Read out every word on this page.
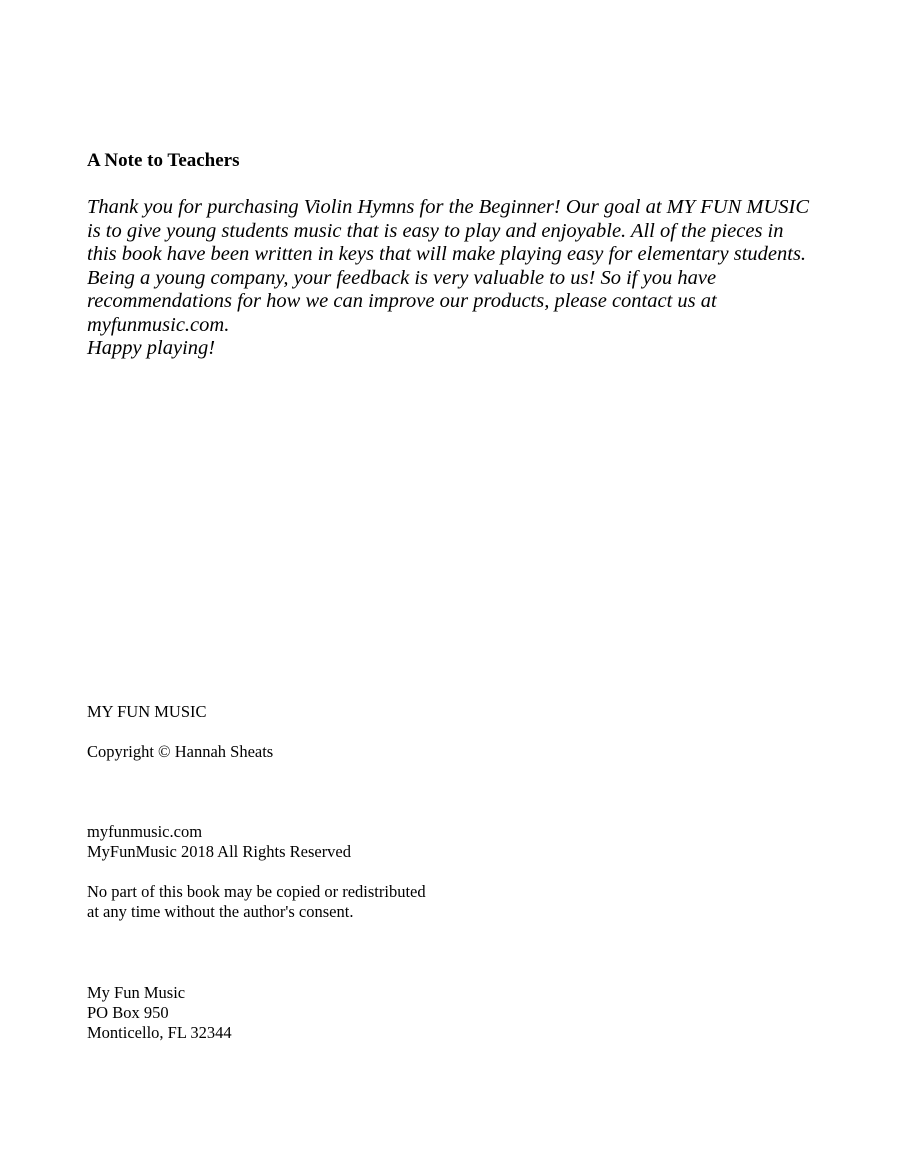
A Note to Teachers
Thank you for purchasing Violin Hymns for the Beginner! Our goal at MY FUN MUSIC
is to give young students music that is easy to play and enjoyable. All of the pieces in
this book have been written in keys that will make playing easy for elementary students.
Being a young company, your feedback is very valuable to us! So if you have
recommendations for how we can improve our products, please contact us at
myfunmusic.com.
Happy playing!

MY FUN MUSIC

Copyright © Hannah Sheats

myfunmusic.com
MyFunMusic 2018 All Rights Reserved
No part of this book may be copied or redistributed
at any time without the author's consent.
My Fun Music
PO Box 950
Monticello, FL 32344
